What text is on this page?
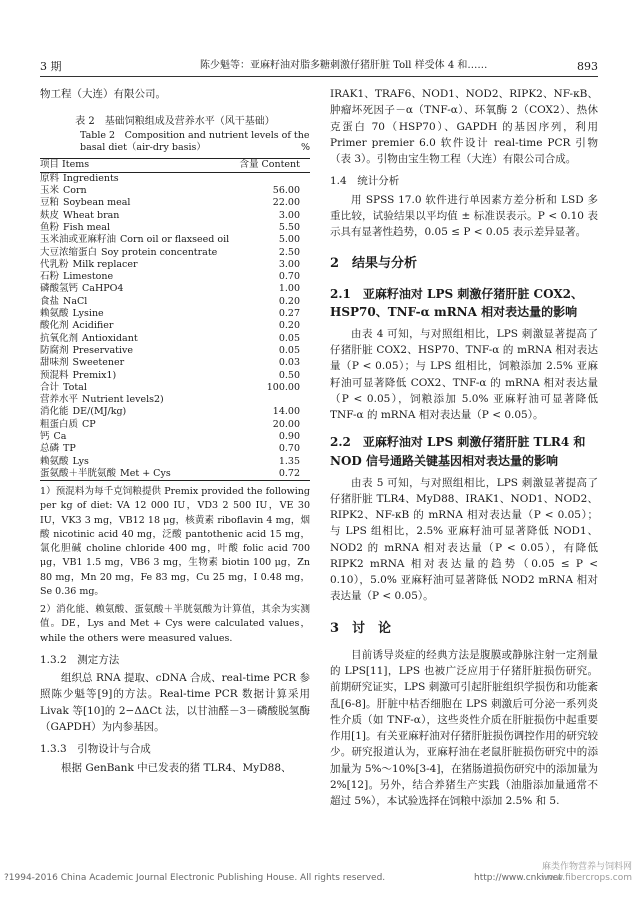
3 期	陈少魁等：亚麻籽油对脂多糖刺激仔猪肝脏 Toll 样受体 4 和……	893

物工程（大连）有限公司。

表 2　基础饲粮组成及营养水平（风干基础）
Table 2　Composition and nutrient levels of the
basal diet（air-dry basis）	%
项目 Items	含量 Content
原料 Ingredients	
玉米 Corn	56.00
豆粕 Soybean meal	22.00
麸皮 Wheat bran	3.00
鱼粉 Fish meal	5.50
玉米油或亚麻籽油 Corn oil or flaxseed oil	5.00
大豆浓缩蛋白 Soy protein concentrate	2.50
代乳粉 Milk replacer	3.00
石粉 Limestone	0.70
磷酸氢钙 CaHPO4	1.00
食盐 NaCl	0.20
赖氨酸 Lysine	0.27
酸化剂 Acidifier	0.20
抗氧化剂 Antioxidant	0.05
防腐剂 Preservative	0.05
甜味剂 Sweetener	0.03
预混料 Premix1)	0.50
合计 Total	100.00
营养水平 Nutrient levels2)	
消化能 DE/(MJ/kg)	14.00
粗蛋白质 CP	20.00
钙 Ca	0.90
总磷 TP	0.70
赖氨酸 Lys	1.35
蛋氨酸＋半胱氨酸 Met + Cys	0.72

1）预混料为每千克饲粮提供 Premix provided the following per kg of diet: VA 12 000 IU，VD3 2 500 IU，VE 30 IU，VK3 3 mg，VB12 18 μg，核黄素 riboflavin 4 mg，烟酸 nicotinic acid 40 mg，泛酸 pantothenic acid 15 mg，氯化胆碱 choline chloride 400 mg，叶酸 folic acid 700 μg，VB1 1.5 mg，VB6 3 mg，生物素 biotin 100 μg，Zn 80 mg，Mn 20 mg，Fe 83 mg，Cu 25 mg，I 0.48 mg，Se 0.36 mg。

2）消化能、赖氨酸、蛋氨酸＋半胱氨酸为计算值，其余为实测值。DE，Lys and Met + Cys were calculated values，while the others were measured values.

1.3.2　测定方法

组织总 RNA 提取、cDNA 合成、real-time PCR 参照陈少魁等[9]的方法。Real-time PCR 数据计算采用 Livak 等[10]的 2−ΔΔCt 法，以甘油醛－3－磷酸脱氢酶（GAPDH）为内参基因。

1.3.3　引物设计与合成

根据 GenBank 中已发表的猪 TLR4、MyD88、

IRAK1、TRAF6、NOD1、NOD2、RIPK2、NF-κB、肿瘤坏死因子－α（TNF-α）、环氧酶 2（COX2）、热休克蛋白 70（HSP70）、GAPDH 的基因序列，利用 Primer premier 6.0 软件设计 real-time PCR 引物（表 3）。引物由宝生物工程（大连）有限公司合成。

1.4　统计分析

用 SPSS 17.0 软件进行单因素方差分析和 LSD 多重比较，试验结果以平均值 ± 标准误表示。P < 0.10 表示具有显著性趋势，0.05 ≤ P < 0.05 表示差异显著。

2　结果与分析
2.1　亚麻籽油对 LPS 刺激仔猪肝脏 COX2、HSP70、TNF-α mRNA 相对表达量的影响

由表 4 可知，与对照组相比，LPS 刺激显著提高了仔猪肝脏 COX2、HSP70、TNF-α 的 mRNA 相对表达量（P < 0.05）；与 LPS 组相比，饲粮添加 2.5% 亚麻籽油可显著降低 COX2、TNF-α 的 mRNA 相对表达量（P < 0.05），饲粮添加 5.0% 亚麻籽油可显著降低 TNF-α 的 mRNA 相对表达量（P < 0.05）。

2.2　亚麻籽油对 LPS 刺激仔猪肝脏 TLR4 和 NOD 信号通路关键基因相对表达量的影响

由表 5 可知，与对照组相比，LPS 刺激显著提高了仔猪肝脏 TLR4、MyD88、IRAK1、NOD1、NOD2、RIPK2、NF-κB 的 mRNA 相对表达量（P < 0.05）；与 LPS 组相比，2.5% 亚麻籽油可显著降低 NOD1、NOD2 的 mRNA 相对表达量（P < 0.05），有降低 RIPK2 mRNA 相对表达量的趋势（0.05 ≤ P < 0.10），5.0% 亚麻籽油可显著降低 NOD2 mRNA 相对表达量（P < 0.05）。

3　讨　论

目前诱导炎症的经典方法是腹膜或静脉注射一定剂量的 LPS[11]，LPS 也被广泛应用于仔猪肝脏损伤研究。前期研究证实，LPS 刺激可引起肝脏组织学损伤和功能紊乱[6-8]。肝脏中枯否细胞在 LPS 刺激后可分泌一系列炎性介质（如 TNF-α），这些炎性介质在肝脏损伤中起重要作用[1]。有关亚麻籽油对仔猪肝脏损伤调控作用的研究较少。研究报道认为，亚麻籽油在老鼠肝脏损伤研究中的添加量为 5%～10%[3-4]，在猪肠道损伤研究中的添加量为 2%[12]。另外，结合养猪生产实践（油脂添加量通常不超过 5%），本试验选择在饲粮中添加 2.5% 和 5.

?1994-2016 China Academic Journal Electronic Publishing House. All rights reserved.	http://www.cnki.net
麻类作物营养与饲料网
www.fibercrops.com
